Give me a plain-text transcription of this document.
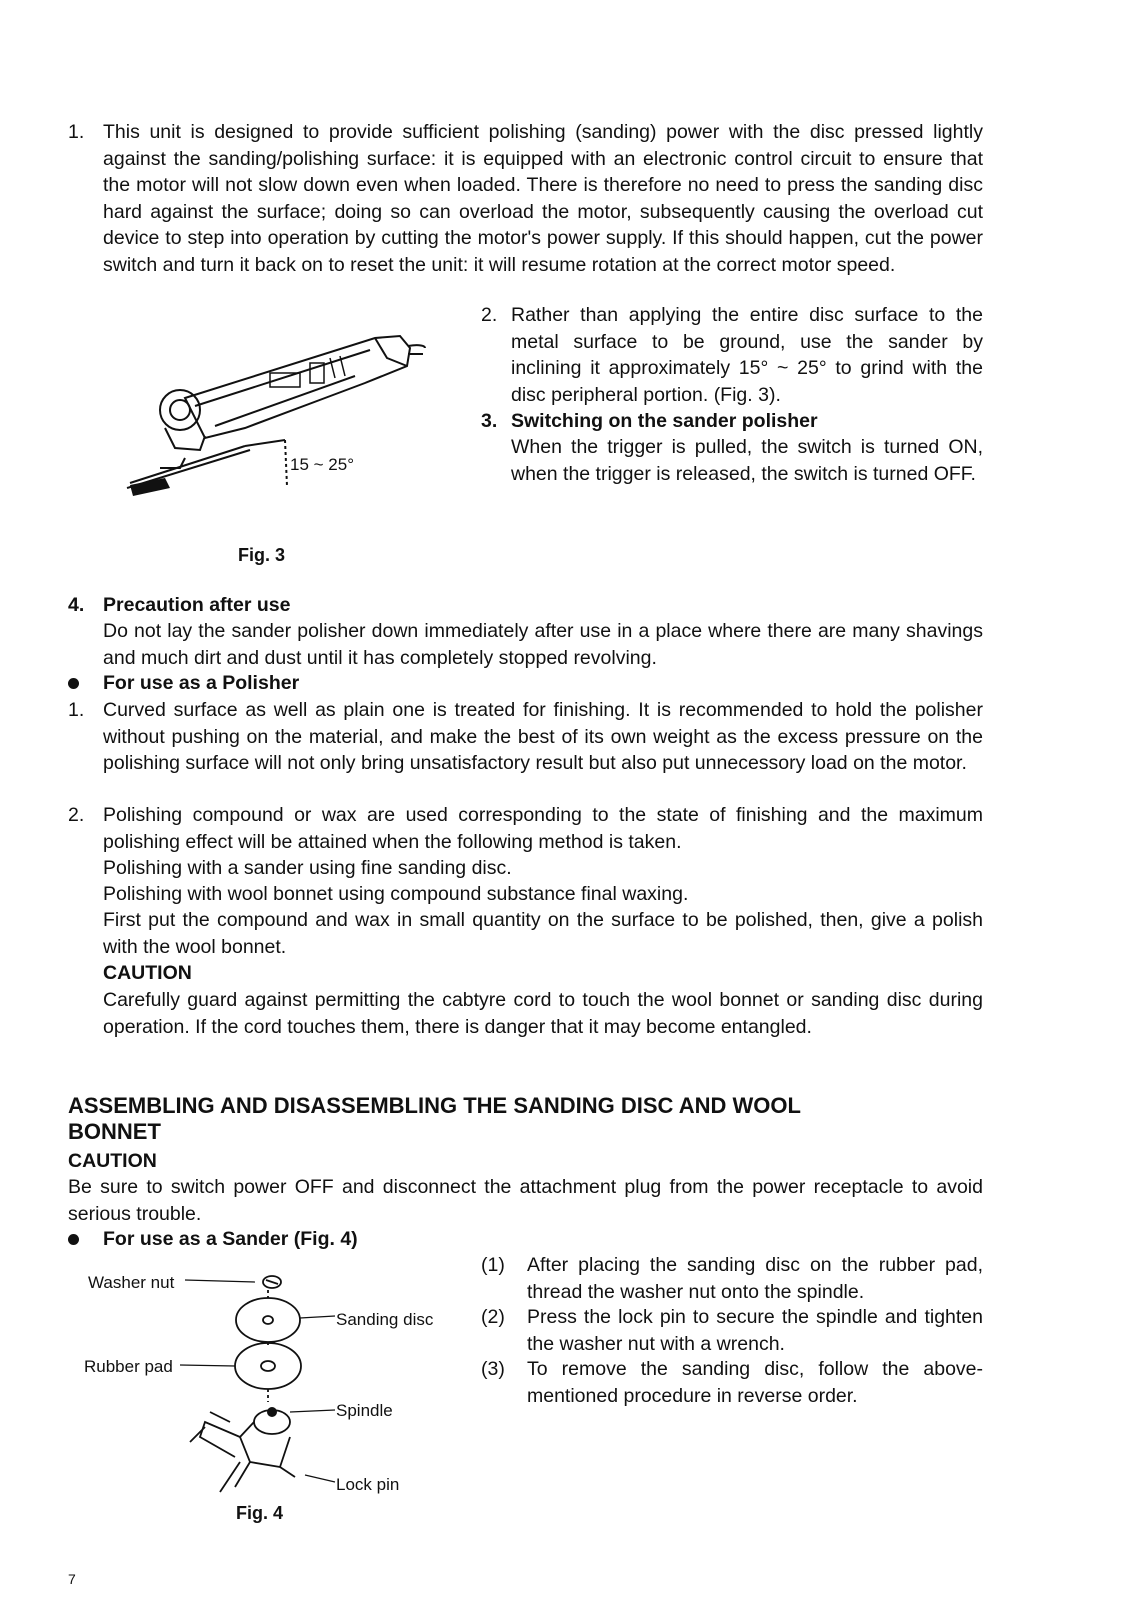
1. This unit is designed to provide sufficient polishing (sanding) power with the disc pressed lightly against the sanding/polishing surface: it is equipped with an electronic control circuit to ensure that the motor will not slow down even when loaded. There is therefore no need to press the sanding disc hard against the surface; doing so can overload the motor, subsequently causing the overload cut device to step into operation by cutting the motor's power supply. If this should happen, cut the power switch and turn it back on to reset the unit: it will resume rotation at the correct motor speed.
15 ~ 25°
Fig. 3
2. Rather than applying the entire disc surface to the metal surface to be ground, use the sander by inclining it approximately 15° ~ 25° to grind with the disc peripheral portion. (Fig. 3).
3. Switching on the sander polisher
When the trigger is pulled, the switch is turned ON, when the trigger is released, the switch is turned OFF.
4. Precaution after use
Do not lay the sander polisher down immediately after use in a place where there are many shavings and much dirt and dust until it has completely stopped revolving.
For use as a Polisher
1. Curved surface as well as plain one is treated for finishing. It is recommended to hold the polisher without pushing on the material, and make the best of its own weight as the excess pressure on the polishing surface will not only bring unsatisfactory result but also put unnecessory load on the motor.
2. Polishing compound or wax are used corresponding to the state of finishing and the maximum polishing effect will be attained when the following method is taken.
Polishing with a sander using fine sanding disc.
Polishing with wool bonnet using compound substance final waxing.
First put the compound and wax in small quantity on the surface to be polished, then, give a polish with the wool bonnet.
CAUTION
Carefully guard against permitting the cabtyre cord to touch the wool bonnet or sanding disc during operation. If the cord touches them, there is danger that it may become entangled.
ASSEMBLING AND DISASSEMBLING THE SANDING DISC AND WOOL
BONNET
CAUTION
Be sure to switch power OFF and disconnect the attachment plug from the power receptacle to avoid serious trouble.
For use as a Sander (Fig. 4)
(1) After placing the sanding disc on the rubber pad, thread the washer nut onto the spindle.
(2) Press the lock pin to secure the spindle and tighten the washer nut with a wrench.
(3) To remove the sanding disc, follow the above-mentioned procedure in reverse order.
Washer nut
Sanding disc
Rubber pad
Spindle
Lock pin
Fig. 4
7
